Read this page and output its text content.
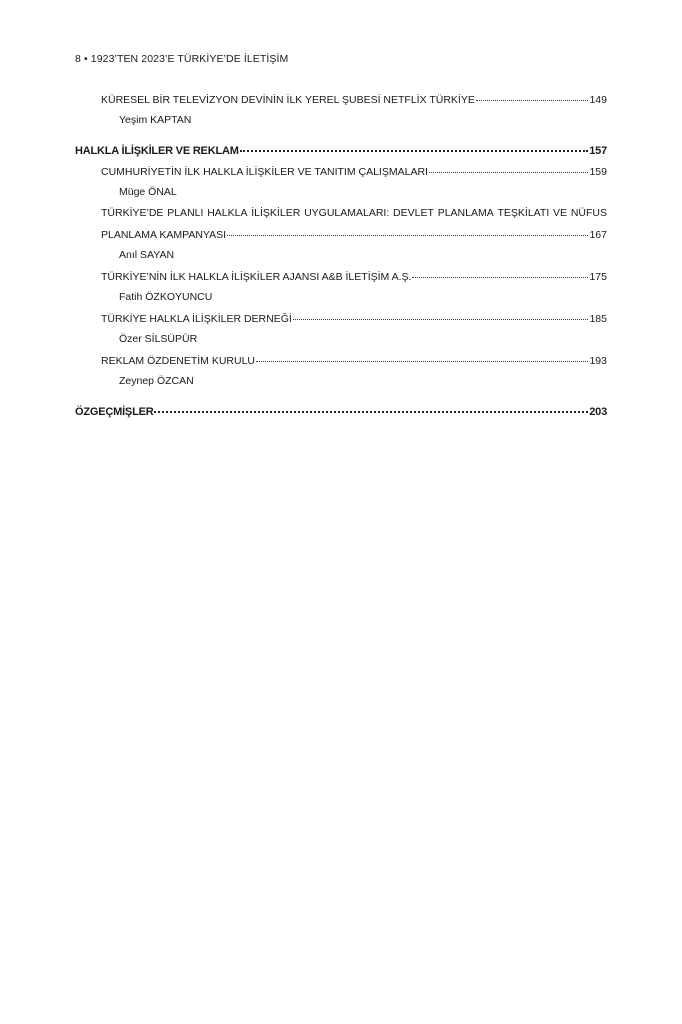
8 • 1923’TEN 2023’E TÜRKİYE’DE İLETİŞİM
KÜRESEL BİR TELEVİZYON DEVİNİN İLK YEREL ŞUBESİ NETFLİX TÜRKİYE	149
Yeşim KAPTAN
HALKLA İLİŞKİLER VE REKLAM	157
CUMHURİYETİN İLK HALKLA İLİŞKİLER VE TANITIM ÇALIŞMALARI	159
Müge ÖNAL
TÜRKİYE’DE PLANLI HALKLA İLİŞKİLER UYGULAMALARI: DEVLET PLANLAMA TEŞKİLATI VE NÜFUS
PLANLAMA KAMPANYASI	167
Anıl SAYAN
TÜRKİYE’NİN İLK HALKLA İLİŞKİLER AJANSI A&B İLETİŞİM A.Ş.	175
Fatih ÖZKOYUNCU
TÜRKİYE HALKLA İLİŞKİLER DERNEĞİ	185
Özer SİLSÜPÜR
REKLAM ÖZDENETİM KURULU	193
Zeynep ÖZCAN
ÖZGEÇMİŞLER	203
